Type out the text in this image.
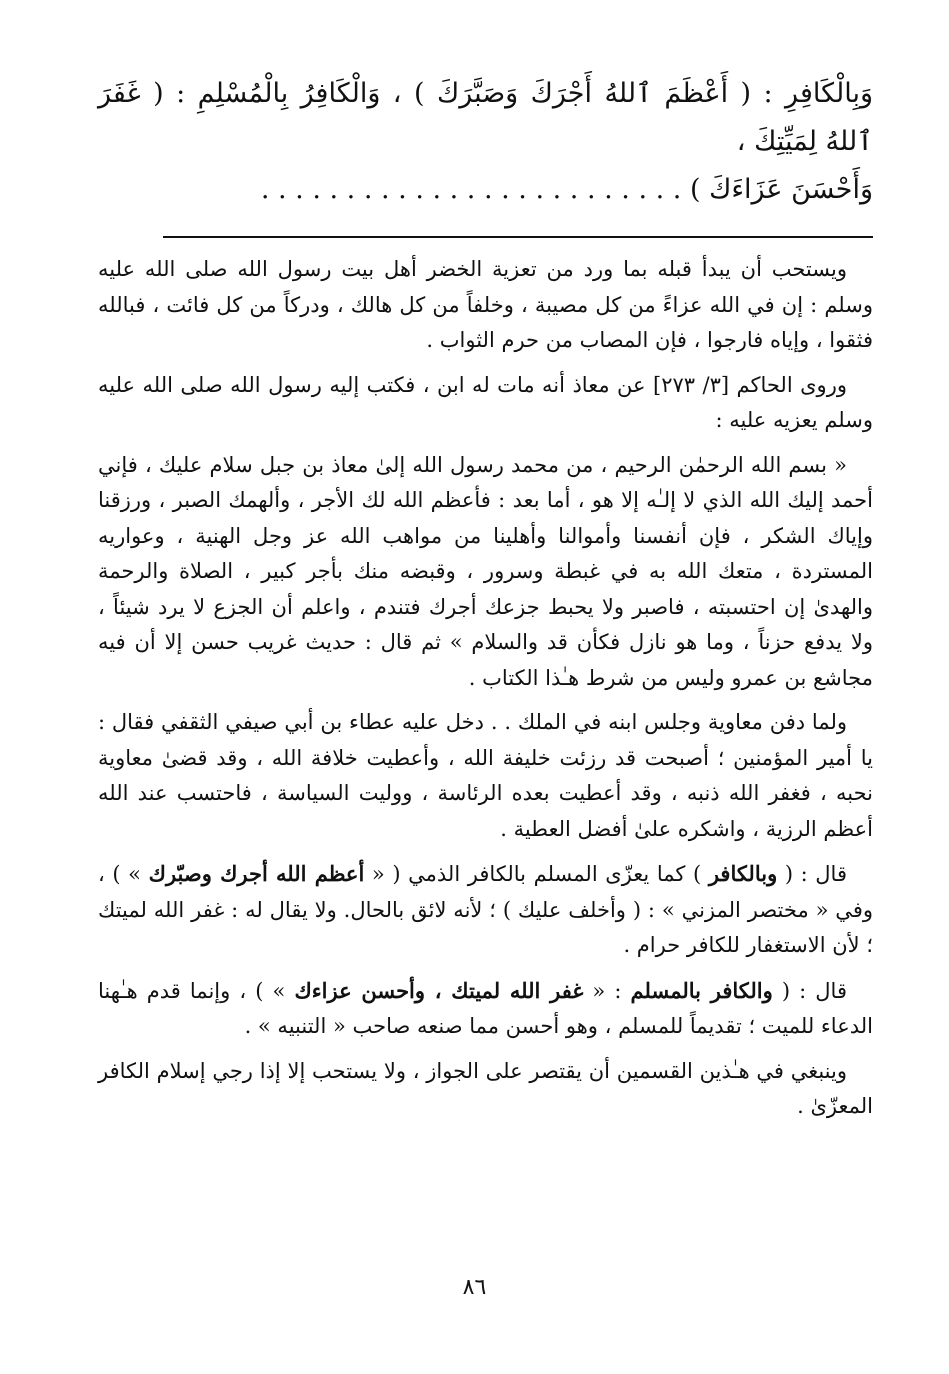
وَبِالْكَافِرِ : ( أَعْظَمَ ٱللهُ أَجْرَكَ وَصَبَّرَكَ ) ، وَالْكَافِرُ بِالْمُسْلِمِ : ( غَفَرَ ٱللهُ لِمَيِّتِكَ ،
وَأَحْسَنَ عَزَاءَكَ ) . . . . . . . . . . . . . . . . . . . . . . . . .

ويستحب أن يبدأ قبله بما ورد من تعزية الخضر أهل بيت رسول الله صلى الله عليه وسلم : إن في الله عزاءً من كل مصيبة ، وخلفاً من كل هالك ، ودركاً من كل فائت ، فبالله فثقوا ، وإياه فارجوا ، فإن المصاب من حرم الثواب .

وروى الحاكم [٣/ ٢٧٣] عن معاذ أنه مات له ابن ، فكتب إليه رسول الله صلى الله عليه وسلم يعزيه عليه :

« بسم الله الرحمٰن الرحيم ، من محمد رسول الله إلىٰ معاذ بن جبل سلام عليك ، فإني أحمد إليك الله الذي لا إلـٰه إلا هو ، أما بعد : فأعظم الله لك الأجر ، وألهمك الصبر ، ورزقنا وإياك الشكر ، فإن أنفسنا وأموالنا وأهلينا من مواهب الله عز وجل الهنية ، وعواريه المستردة ، متعك الله به في غبطة وسرور ، وقبضه منك بأجر كبير ، الصلاة والرحمة والهدىٰ إن احتسبته ، فاصبر ولا يحبط جزعك أجرك فتندم ، واعلم أن الجزع لا يرد شيئاً ، ولا يدفع حزناً ، وما هو نازل فكأن قد والسلام » ثم قال : حديث غريب حسن إلا أن فيه مجاشع بن عمرو وليس من شرط هـٰذا الكتاب .

ولما دفن معاوية وجلس ابنه في الملك . . دخل عليه عطاء بن أبي صيفي الثقفي فقال : يا أمير المؤمنين ؛ أصبحت قد رزئت خليفة الله ، وأعطيت خلافة الله ، وقد قضىٰ معاوية نحبه ، فغفر الله ذنبه ، وقد أعطيت بعده الرئاسة ، ووليت السياسة ، فاحتسب عند الله أعظم الرزية ، واشكره علىٰ أفضل العطية .

قال : ( وبالكافر ) كما يعزّى المسلم بالكافر الذمي ( « أعظم الله أجرك وصبّرك » ) ، وفي « مختصر المزني » : ( وأخلف عليك ) ؛ لأنه لائق بالحال. ولا يقال له : غفر الله لميتك ؛ لأن الاستغفار للكافر حرام .

قال : ( والكافر بالمسلم : « غفر الله لميتك ، وأحسن عزاءك » ) ، وإنما قدم هـٰهنا الدعاء للميت ؛ تقديماً للمسلم ، وهو أحسن مما صنعه صاحب « التنبيه » .

وينبغي في هـٰذين القسمين أن يقتصر على الجواز ، ولا يستحب إلا إذا رجي إسلام الكافر المعزّىٰ .

٨٦
